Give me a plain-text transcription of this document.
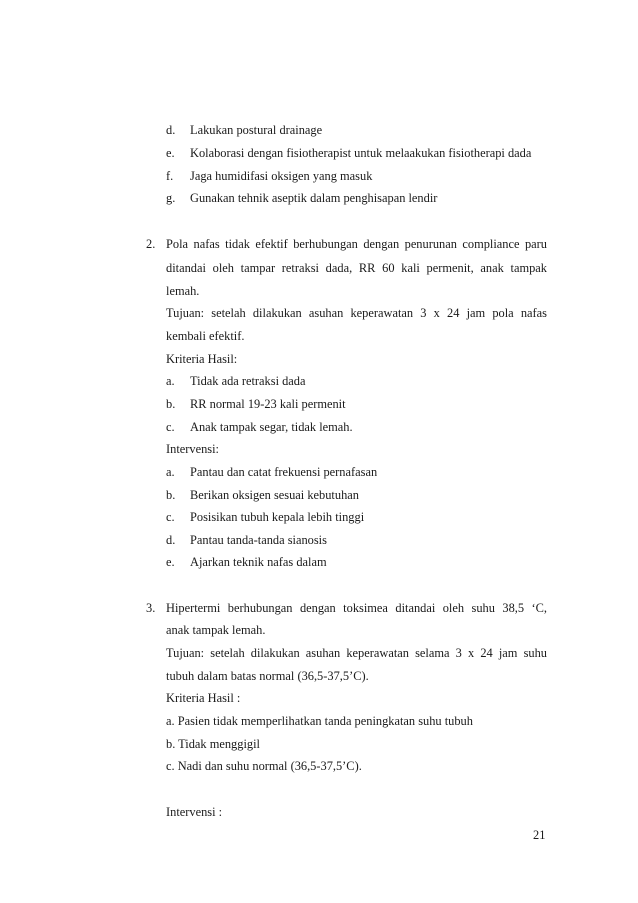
d. Lakukan postural drainage
e. Kolaborasi dengan fisiotherapist untuk melaakukan fisiotherapi dada
f. Jaga humidifasi oksigen yang masuk
g. Gunakan tehnik aseptik dalam penghisapan lendir
2. Pola nafas tidak efektif berhubungan dengan penurunan compliance paru
ditandai oleh tampar retraksi dada, RR 60 kali permenit, anak tampak
lemah.
Tujuan: setelah dilakukan asuhan keperawatan 3 x 24 jam pola nafas
kembali efektif.
Kriteria Hasil:
a. Tidak ada retraksi dada
b. RR normal 19-23 kali permenit
c. Anak tampak segar, tidak lemah.
Intervensi:
a. Pantau dan catat frekuensi pernafasan
b. Berikan oksigen sesuai kebutuhan
c. Posisikan tubuh kepala lebih tinggi
d. Pantau tanda-tanda sianosis
e. Ajarkan teknik nafas dalam
3. Hipertermi berhubungan dengan toksimea ditandai oleh suhu 38,5 ‘C,
anak tampak lemah.
Tujuan: setelah dilakukan asuhan keperawatan selama 3 x 24 jam suhu
tubuh dalam batas normal (36,5-37,5’C).
Kriteria Hasil :
a. Pasien tidak memperlihatkan tanda peningkatan suhu tubuh
b. Tidak menggigil
c. Nadi dan suhu normal (36,5-37,5’C).
Intervensi :
21
